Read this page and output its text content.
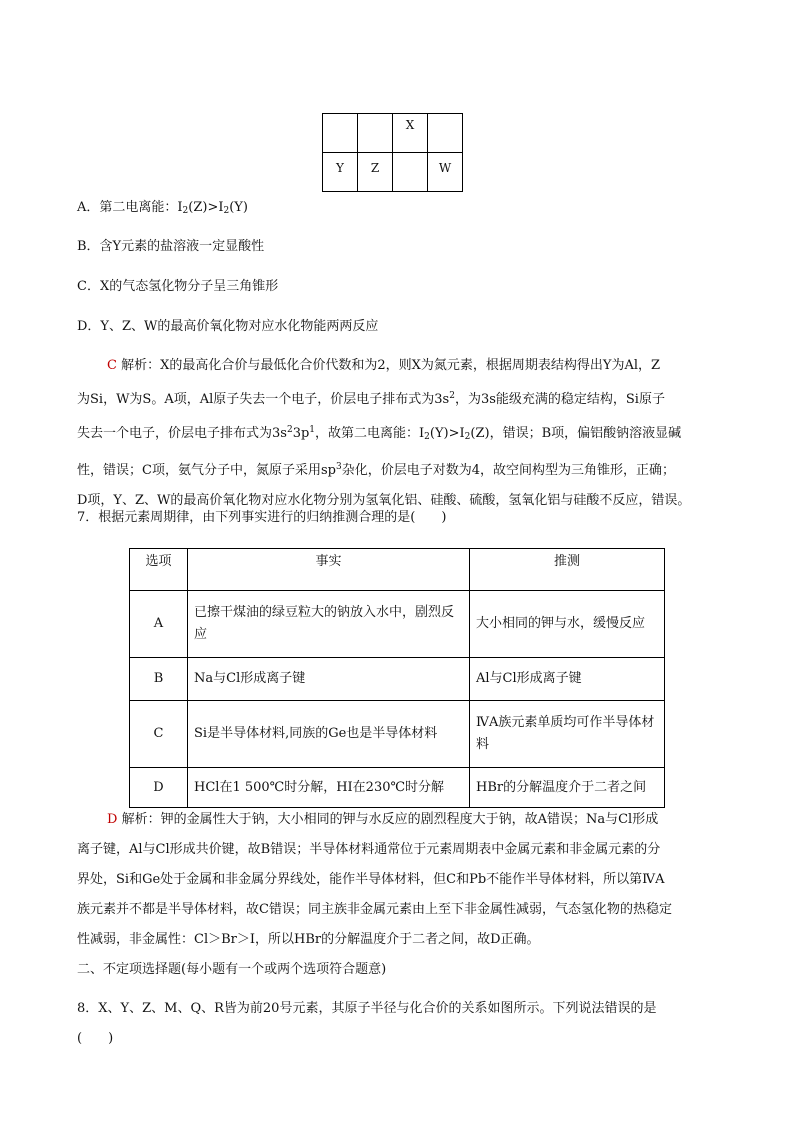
		X	
Y	Z		W
A．第二电离能：$I_2(Z)>I_2(Y)$
B．含Y元素的盐溶液一定显酸性
C．X的气态氢化物分子呈三角锥形
D．Y、Z、W的最高价氧化物对应水化物能两两反应
C 解析：X的最高化合价与最低化合价代数和为2，则X为氮元素，根据周期表结构得出Y为Al，Z
为Si，W为S。A项，Al原子失去一个电子，价层电子排布式为$3s^2$，为3s能级充满的稳定结构，Si原子
失去一个电子，价层电子排布式为$3s^23p^1$，故第二电离能：$I_2(Y)>I_2(Z)$，错误；B项，偏铝酸钠溶液显碱
性，错误；C项，氨气分子中，氮原子采用$sp^3$杂化，价层电子对数为4，故空间构型为三角锥形，正确；
D项，Y、Z、W的最高价氧化物对应水化物分别为氢氧化铝、硅酸、硫酸，氢氧化铝与硅酸不反应，错误。
7．根据元素周期律，由下列事实进行的归纳推测合理的是(　　)
选项	事实	推测
A	已擦干煤油的绿豆粒大的钠放入水中，剧烈反应	大小相同的钾与水，缓慢反应
B	Na与Cl形成离子键	Al与Cl形成离子键
C	Si是半导体材料,同族的Ge也是半导体材料	ⅣA族元素单质均可作半导体材料
D	HCl在1 500℃时分解，HI在230℃时分解	HBr的分解温度介于二者之间
D 解析：钾的金属性大于钠，大小相同的钾与水反应的剧烈程度大于钠，故A错误；Na与Cl形成
离子键，Al与Cl形成共价键，故B错误；半导体材料通常位于元素周期表中金属元素和非金属元素的分
界处，Si和Ge处于金属和非金属分界线处，能作半导体材料，但C和Pb不能作半导体材料，所以第ⅣA
族元素并不都是半导体材料，故C错误；同主族非金属元素由上至下非金属性减弱，气态氢化物的热稳定
性减弱，非金属性：Cl＞Br＞I，所以HBr的分解温度介于二者之间，故D正确。
二、不定项选择题(每小题有一个或两个选项符合题意)
8．X、Y、Z、M、Q、R皆为前20号元素，其原子半径与化合价的关系如图所示。下列说法错误的是
(　　)
